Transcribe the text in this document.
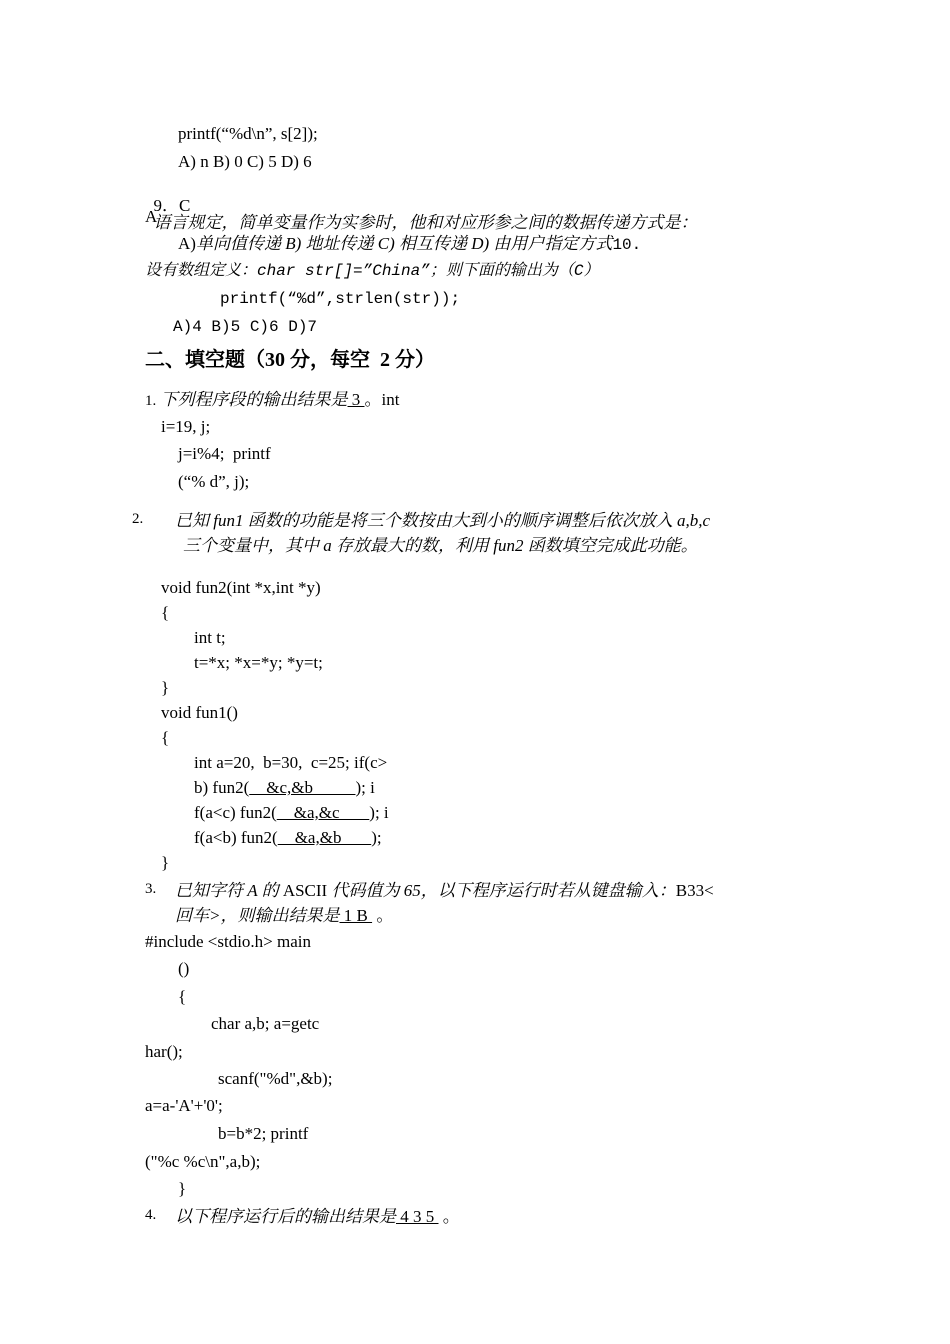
printf(“%d\n”, s[2]);
A) n B) 0 C) 5 D) 6

9．C
语言规定，简单变量作为实参时，他和对应形参之间的数据传递方式是：

A
A)单向值传递 B) 地址传递 C) 相互传递 D) 由用户指定方式10.
设有数组定义：char str[]=”China”；则下面的输出为（C）
printf(“%d”,strlen(str));
A)4 B)5 C)6 D)7
二、填空题（30 分，每空  2 分）
1. 下列程序段的输出结果是 3 。int
i=19, j;
j=i%4;  printf
(“% d”, j);
2. 已知 fun1 函数的功能是将三个数按由大到小的顺序调整后依次放入 a,b,c
三个变量中，其中 a 存放最大的数，利用 fun2 函数填空完成此功能。
void fun2(int *x,int *y)
{
int t;
t=*x; *x=*y; *y=t;
}
void fun1()
{
int a=20,  b=30,  c=25; if(c>
b) fun2(    &c,&b          ); i
f(a<c) fun2(    &a,&c       ); i
f(a<b) fun2(    &a,&b       );
}
3. 已知字符 A 的 ASCII 代码值为 65，以下程序运行时若从键盘输入：B33<
回车>，则输出结果是 1 B  。
#include <stdio.h> main
()
{
char a,b; a=getc
har();
scanf("%d",&b);
a=a-'A'+'0';
b=b*2; printf
("%c %c\n",a,b);
}
4. 以下程序运行后的输出结果是 4 3 5  。
